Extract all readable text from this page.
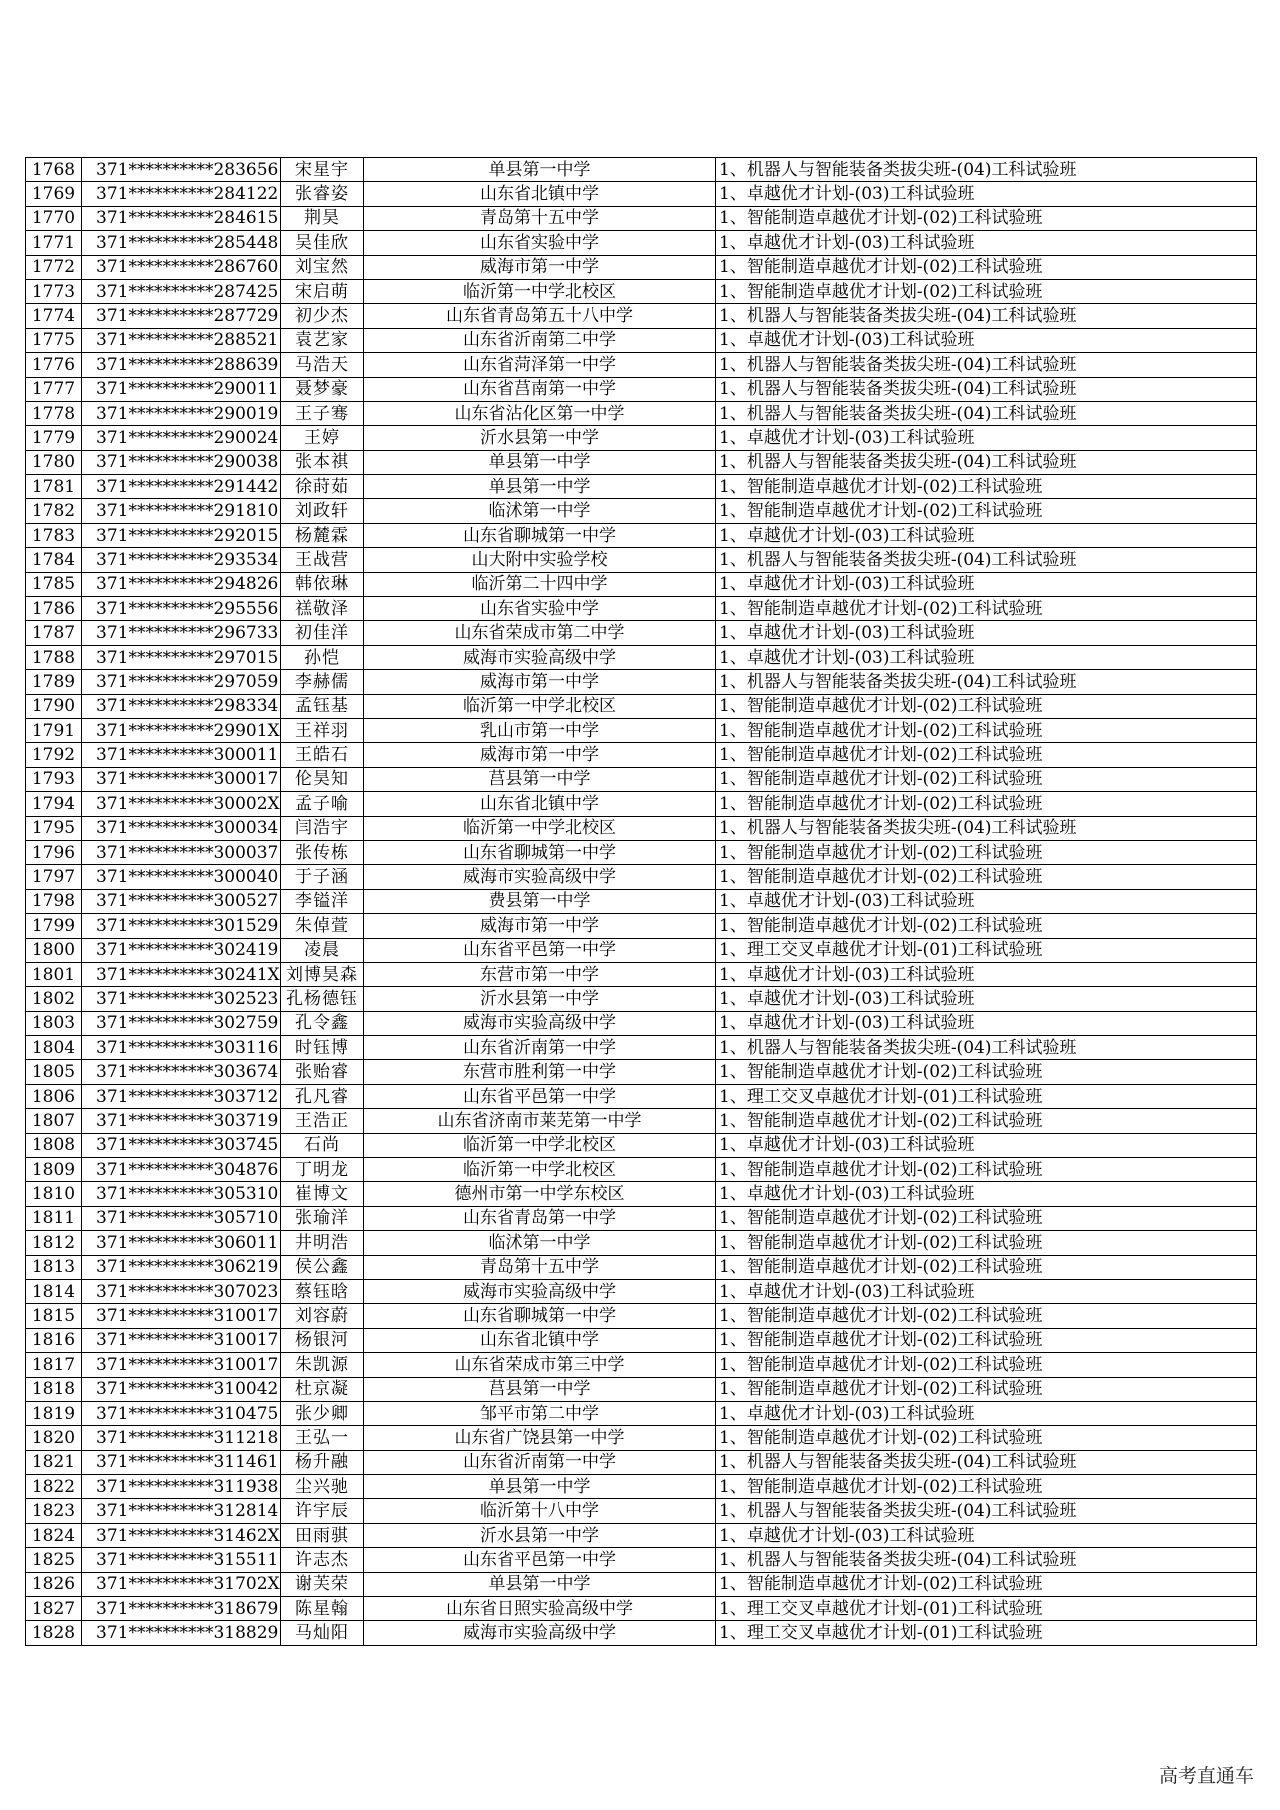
1768	371**********283656	宋星宇	单县第一中学	1、机器人与智能装备类拔尖班-(04)工科试验班
1769	371**********284122	张睿姿	山东省北镇中学	1、卓越优才计划-(03)工科试验班
1770	371**********284615	荆昊	青岛第十五中学	1、智能制造卓越优才计划-(02)工科试验班
1771	371**********285448	吴佳欣	山东省实验中学	1、卓越优才计划-(03)工科试验班
1772	371**********286760	刘宝然	威海市第一中学	1、智能制造卓越优才计划-(02)工科试验班
1773	371**********287425	宋启萌	临沂第一中学北校区	1、智能制造卓越优才计划-(02)工科试验班
1774	371**********287729	初少杰	山东省青岛第五十八中学	1、机器人与智能装备类拔尖班-(04)工科试验班
1775	371**********288521	袁艺家	山东省沂南第二中学	1、卓越优才计划-(03)工科试验班
1776	371**********288639	马浩天	山东省菏泽第一中学	1、机器人与智能装备类拔尖班-(04)工科试验班
1777	371**********290011	聂梦豪	山东省莒南第一中学	1、机器人与智能装备类拔尖班-(04)工科试验班
1778	371**********290019	王子骞	山东省沾化区第一中学	1、机器人与智能装备类拔尖班-(04)工科试验班
1779	371**********290024	王婷	沂水县第一中学	1、卓越优才计划-(03)工科试验班
1780	371**********290038	张本祺	单县第一中学	1、机器人与智能装备类拔尖班-(04)工科试验班
1781	371**********291442	徐莳茹	单县第一中学	1、智能制造卓越优才计划-(02)工科试验班
1782	371**********291810	刘政轩	临沭第一中学	1、智能制造卓越优才计划-(02)工科试验班
1783	371**********292015	杨麓霖	山东省聊城第一中学	1、卓越优才计划-(03)工科试验班
1784	371**********293534	王战营	山大附中实验学校	1、机器人与智能装备类拔尖班-(04)工科试验班
1785	371**********294826	韩依琳	临沂第二十四中学	1、卓越优才计划-(03)工科试验班
1786	371**********295556	禚敬泽	山东省实验中学	1、智能制造卓越优才计划-(02)工科试验班
1787	371**********296733	初佳洋	山东省荣成市第二中学	1、卓越优才计划-(03)工科试验班
1788	371**********297015	孙恺	威海市实验高级中学	1、卓越优才计划-(03)工科试验班
1789	371**********297059	李赫儒	威海市第一中学	1、机器人与智能装备类拔尖班-(04)工科试验班
1790	371**********298334	孟钰基	临沂第一中学北校区	1、智能制造卓越优才计划-(02)工科试验班
1791	371**********29901X	王祥羽	乳山市第一中学	1、智能制造卓越优才计划-(02)工科试验班
1792	371**********300011	王皓石	威海市第一中学	1、智能制造卓越优才计划-(02)工科试验班
1793	371**********300017	伦昊知	莒县第一中学	1、智能制造卓越优才计划-(02)工科试验班
1794	371**********30002X	孟子喻	山东省北镇中学	1、智能制造卓越优才计划-(02)工科试验班
1795	371**********300034	闫浩宇	临沂第一中学北校区	1、机器人与智能装备类拔尖班-(04)工科试验班
1796	371**********300037	张传栋	山东省聊城第一中学	1、智能制造卓越优才计划-(02)工科试验班
1797	371**********300040	于子涵	威海市实验高级中学	1、智能制造卓越优才计划-(02)工科试验班
1798	371**********300527	李镒洋	费县第一中学	1、卓越优才计划-(03)工科试验班
1799	371**********301529	朱倬萱	威海市第一中学	1、智能制造卓越优才计划-(02)工科试验班
1800	371**********302419	凌晨	山东省平邑第一中学	1、理工交叉卓越优才计划-(01)工科试验班
1801	371**********30241X	刘博昊森	东营市第一中学	1、卓越优才计划-(03)工科试验班
1802	371**********302523	孔杨德钰	沂水县第一中学	1、卓越优才计划-(03)工科试验班
1803	371**********302759	孔令鑫	威海市实验高级中学	1、卓越优才计划-(03)工科试验班
1804	371**********303116	时钰博	山东省沂南第一中学	1、机器人与智能装备类拔尖班-(04)工科试验班
1805	371**********303674	张贻睿	东营市胜利第一中学	1、智能制造卓越优才计划-(02)工科试验班
1806	371**********303712	孔凡睿	山东省平邑第一中学	1、理工交叉卓越优才计划-(01)工科试验班
1807	371**********303719	王浩正	山东省济南市莱芜第一中学	1、智能制造卓越优才计划-(02)工科试验班
1808	371**********303745	石尚	临沂第一中学北校区	1、卓越优才计划-(03)工科试验班
1809	371**********304876	丁明龙	临沂第一中学北校区	1、智能制造卓越优才计划-(02)工科试验班
1810	371**********305310	崔博文	德州市第一中学东校区	1、卓越优才计划-(03)工科试验班
1811	371**********305710	张瑜洋	山东省青岛第一中学	1、智能制造卓越优才计划-(02)工科试验班
1812	371**********306011	井明浩	临沭第一中学	1、智能制造卓越优才计划-(02)工科试验班
1813	371**********306219	侯公鑫	青岛第十五中学	1、智能制造卓越优才计划-(02)工科试验班
1814	371**********307023	蔡钰晗	威海市实验高级中学	1、卓越优才计划-(03)工科试验班
1815	371**********310017	刘容蔚	山东省聊城第一中学	1、智能制造卓越优才计划-(02)工科试验班
1816	371**********310017	杨银河	山东省北镇中学	1、智能制造卓越优才计划-(02)工科试验班
1817	371**********310017	朱凯源	山东省荣成市第三中学	1、智能制造卓越优才计划-(02)工科试验班
1818	371**********310042	杜京凝	莒县第一中学	1、智能制造卓越优才计划-(02)工科试验班
1819	371**********310475	张少卿	邹平市第二中学	1、卓越优才计划-(03)工科试验班
1820	371**********311218	王弘一	山东省广饶县第一中学	1、智能制造卓越优才计划-(02)工科试验班
1821	371**********311461	杨升融	山东省沂南第一中学	1、机器人与智能装备类拔尖班-(04)工科试验班
1822	371**********311938	尘兴驰	单县第一中学	1、智能制造卓越优才计划-(02)工科试验班
1823	371**********312814	许宇辰	临沂第十八中学	1、机器人与智能装备类拔尖班-(04)工科试验班
1824	371**********31462X	田雨骐	沂水县第一中学	1、卓越优才计划-(03)工科试验班
1825	371**********315511	许志杰	山东省平邑第一中学	1、机器人与智能装备类拔尖班-(04)工科试验班
1826	371**********31702X	谢芙荣	单县第一中学	1、智能制造卓越优才计划-(02)工科试验班
1827	371**********318679	陈星翰	山东省日照实验高级中学	1、理工交叉卓越优才计划-(01)工科试验班
1828	371**********318829	马灿阳	威海市实验高级中学	1、理工交叉卓越优才计划-(01)工科试验班
高考直通车
